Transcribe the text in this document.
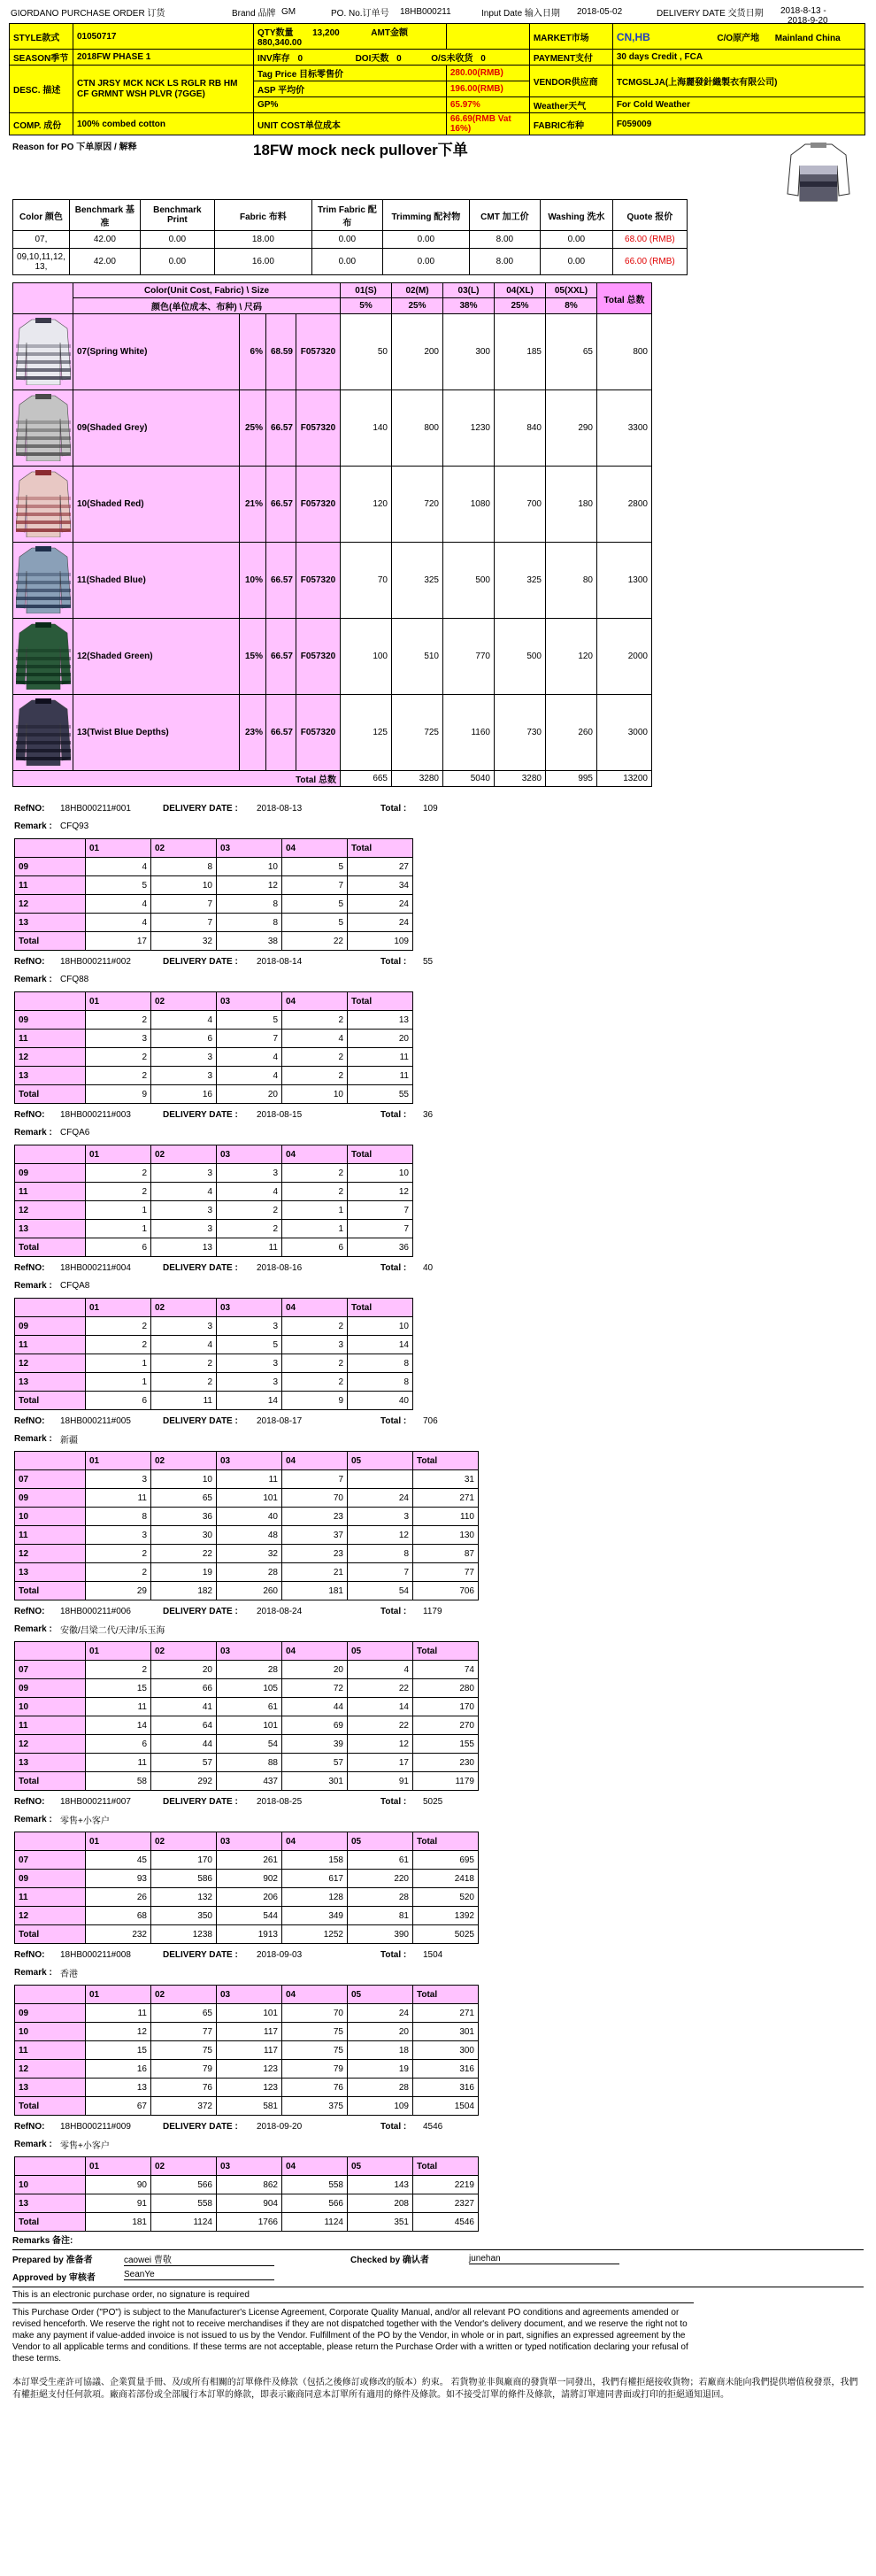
GIORDANO PURCHASE ORDER 订货	Brand 品牌 GM	PO. No.订单号	18HB000211	Input Date 输入日期	2018-05-02	DELIVERY DATE 交货日期	2018-8-13 -
2018-9-20
STYLE款式	01050717	QTY数量 13,200 AMT金额  880,340.00		MARKET市场	CN,HB C/O原产地 Mainland China
SEASON季节	2018FW PHASE 1	INV库存 0 DOI天数 0 O/S未收货 0		PAYMENT支付	30 days Credit , FCA
DESC. 描述	CTN JRSY MCK NCK LS RGLR RB HM CF GRMNT WSH PLVR (7GGE)	Tag Price 目标零售价	280.00(RMB)	VENDOR供应商	TCMGSLJA(上海麗發針織製衣有限公司)
		ASP 平均价	196.00(RMB)		
		GP%	65.97%	Weather天气	For Cold Weather
COMP. 成份	100% combed cotton	UNIT COST单位成本	66.69(RMB Vat 16%)	FABRIC布种	F059009
Reason for PO 下单原因 / 解释	18FW mock neck pullover下单
Color 颜色	Benchmark 基准	Benchmark Print	Fabric 布料	Trim Fabric 配布	Trimming 配衬物	CMT 加工价	Washing 洗水	Quote 报价
07,	42.00	0.00	18.00	0.00	0.00	8.00	0.00	68.00 (RMB)
09,10,11,12, 13,	42.00	0.00	16.00	0.00	0.00	8.00	0.00	66.00 (RMB)
	Color(Unit Cost, Fabric) \ Size				01(S)	02(M)	03(L)	04(XL)	05(XXL)	Total 总数
	颜色(单位成本、布种) \ 尺码				5%	25%	38%	25%	8%	
	07(Spring White)	6%	68.59	F057320	50	200	300	185	65	800
	09(Shaded Grey)	25%	66.57	F057320	140	800	1230	840	290	3300
	10(Shaded Red)	21%	66.57	F057320	120	720	1080	700	180	2800
	11(Shaded Blue)	10%	66.57	F057320	70	325	500	325	80	1300
	12(Shaded Green)	15%	66.57	F057320	100	510	770	500	120	2000
	13(Twist Blue Depths)	23%	66.57	F057320	125	725	1160	730	260	3000
Total 总数					665	3280	5040	3280	995	13200
RefNO:	18HB000211#001	DELIVERY DATE :	2018-08-13	Total :	109
Remark : CFQ93
	01	02	03	04	Total
09	4	8	10	5	27
11	5	10	12	7	34
12	4	7	8	5	24
13	4	7	8	5	24
Total	17	32	38	22	109
RefNO:	18HB000211#002	DELIVERY DATE :	2018-08-14	Total :	55
Remark : CFQ88
	01	02	03	04	Total
09	2	4	5	2	13
11	3	6	7	4	20
12	2	3	4	2	11
13	2	3	4	2	11
Total	9	16	20	10	55
RefNO:	18HB000211#003	DELIVERY DATE :	2018-08-15	Total :	36
Remark : CFQA6
	01	02	03	04	Total
09	2	3	3	2	10
11	2	4	4	2	12
12	1	3	2	1	7
13	1	3	2	1	7
Total	6	13	11	6	36
RefNO:	18HB000211#004	DELIVERY DATE :	2018-08-16	Total :	40
Remark : CFQA8
	01	02	03	04	Total
09	2	3	3	2	10
11	2	4	5	3	14
12	1	2	3	2	8
13	1	2	3	2	8
Total	6	11	14	9	40
RefNO:	18HB000211#005	DELIVERY DATE :	2018-08-17	Total :	706
Remark : 新疆
	01	02	03	04	05	Total
07	3	10	11	7		31
09	11	65	101	70	24	271
10	8	36	40	23	3	110
11	3	30	48	37	12	130
12	2	22	32	23	8	87
13	2	19	28	21	7	77
Total	29	182	260	181	54	706
RefNO:	18HB000211#006	DELIVERY DATE :	2018-08-24	Total :	1179
Remark : 安徽/吕梁二代/天津/乐玉海
	01	02	03	04	05	Total
07	2	20	28	20	4	74
09	15	66	105	72	22	280
10	11	41	61	44	14	170
11	14	64	101	69	22	270
12	6	44	54	39	12	155
13	11	57	88	57	17	230
Total	58	292	437	301	91	1179
RefNO:	18HB000211#007	DELIVERY DATE :	2018-08-25	Total :	5025
Remark : 零售+小客户
	01	02	03	04	05	Total
07	45	170	261	158	61	695
09	93	586	902	617	220	2418
11	26	132	206	128	28	520
12	68	350	544	349	81	1392
Total	232	1238	1913	1252	390	5025
RefNO:	18HB000211#008	DELIVERY DATE :	2018-09-03	Total :	1504
Remark : 香港
	01	02	03	04	05	Total
09	11	65	101	70	24	271
10	12	77	117	75	20	301
11	15	75	117	75	18	300
12	16	79	123	79	19	316
13	13	76	123	76	28	316
Total	67	372	581	375	109	1504
RefNO:	18HB000211#009	DELIVERY DATE :	2018-09-20	Total :	4546
Remark : 零售+小客户
	01	02	03	04	05	Total
10	90	566	862	558	143	2219
13	91	558	904	566	208	2327
Total	181	1124	1766	1124	351	4546
Remarks 备注:
Prepared by 准备者	caowei 曹敬	Checked by 确认者	junehan
Approved by 审核者	SeanYe
This is an electronic purchase order, no signature is required
This Purchase Order ("PO") is subject to the Manufacturer's License Agreement, Corporate Quality Manual, and/or all relevant PO conditions and agreements amended or revised henceforth. We reserve the right not to receive merchandises if they are not dispatched together with the Vendor's delivery document, and we reserve the right not to make any payment if value-added invoice is not issued to us by the Vendor. Fulfillment of the PO by the Vendor, in whole or in part, signifies an expressed agreement by the Vendor to all applicable terms and conditions. If these terms are not acceptable, please return the Purchase Order with a written or typed notification declaring your refusal of these terms.
本訂單受生產許可協議、企業質量手冊、及/或所有相關的訂單條件及條款（包括之後修訂或修改的版本）約束。 若貨物並非與廠商的發貨單一同發出，我們有權拒絕接收貨物；若廠商未能向我們提供增值稅發票，我們有權拒絕支付任何款項。廠商若部份或全部履行本訂單的條款，即表示廠商同意本訂單所有適用的條件及條款。如不接受訂單的條件及條款，請將訂單連同書面或打印的拒絕通知退回。
